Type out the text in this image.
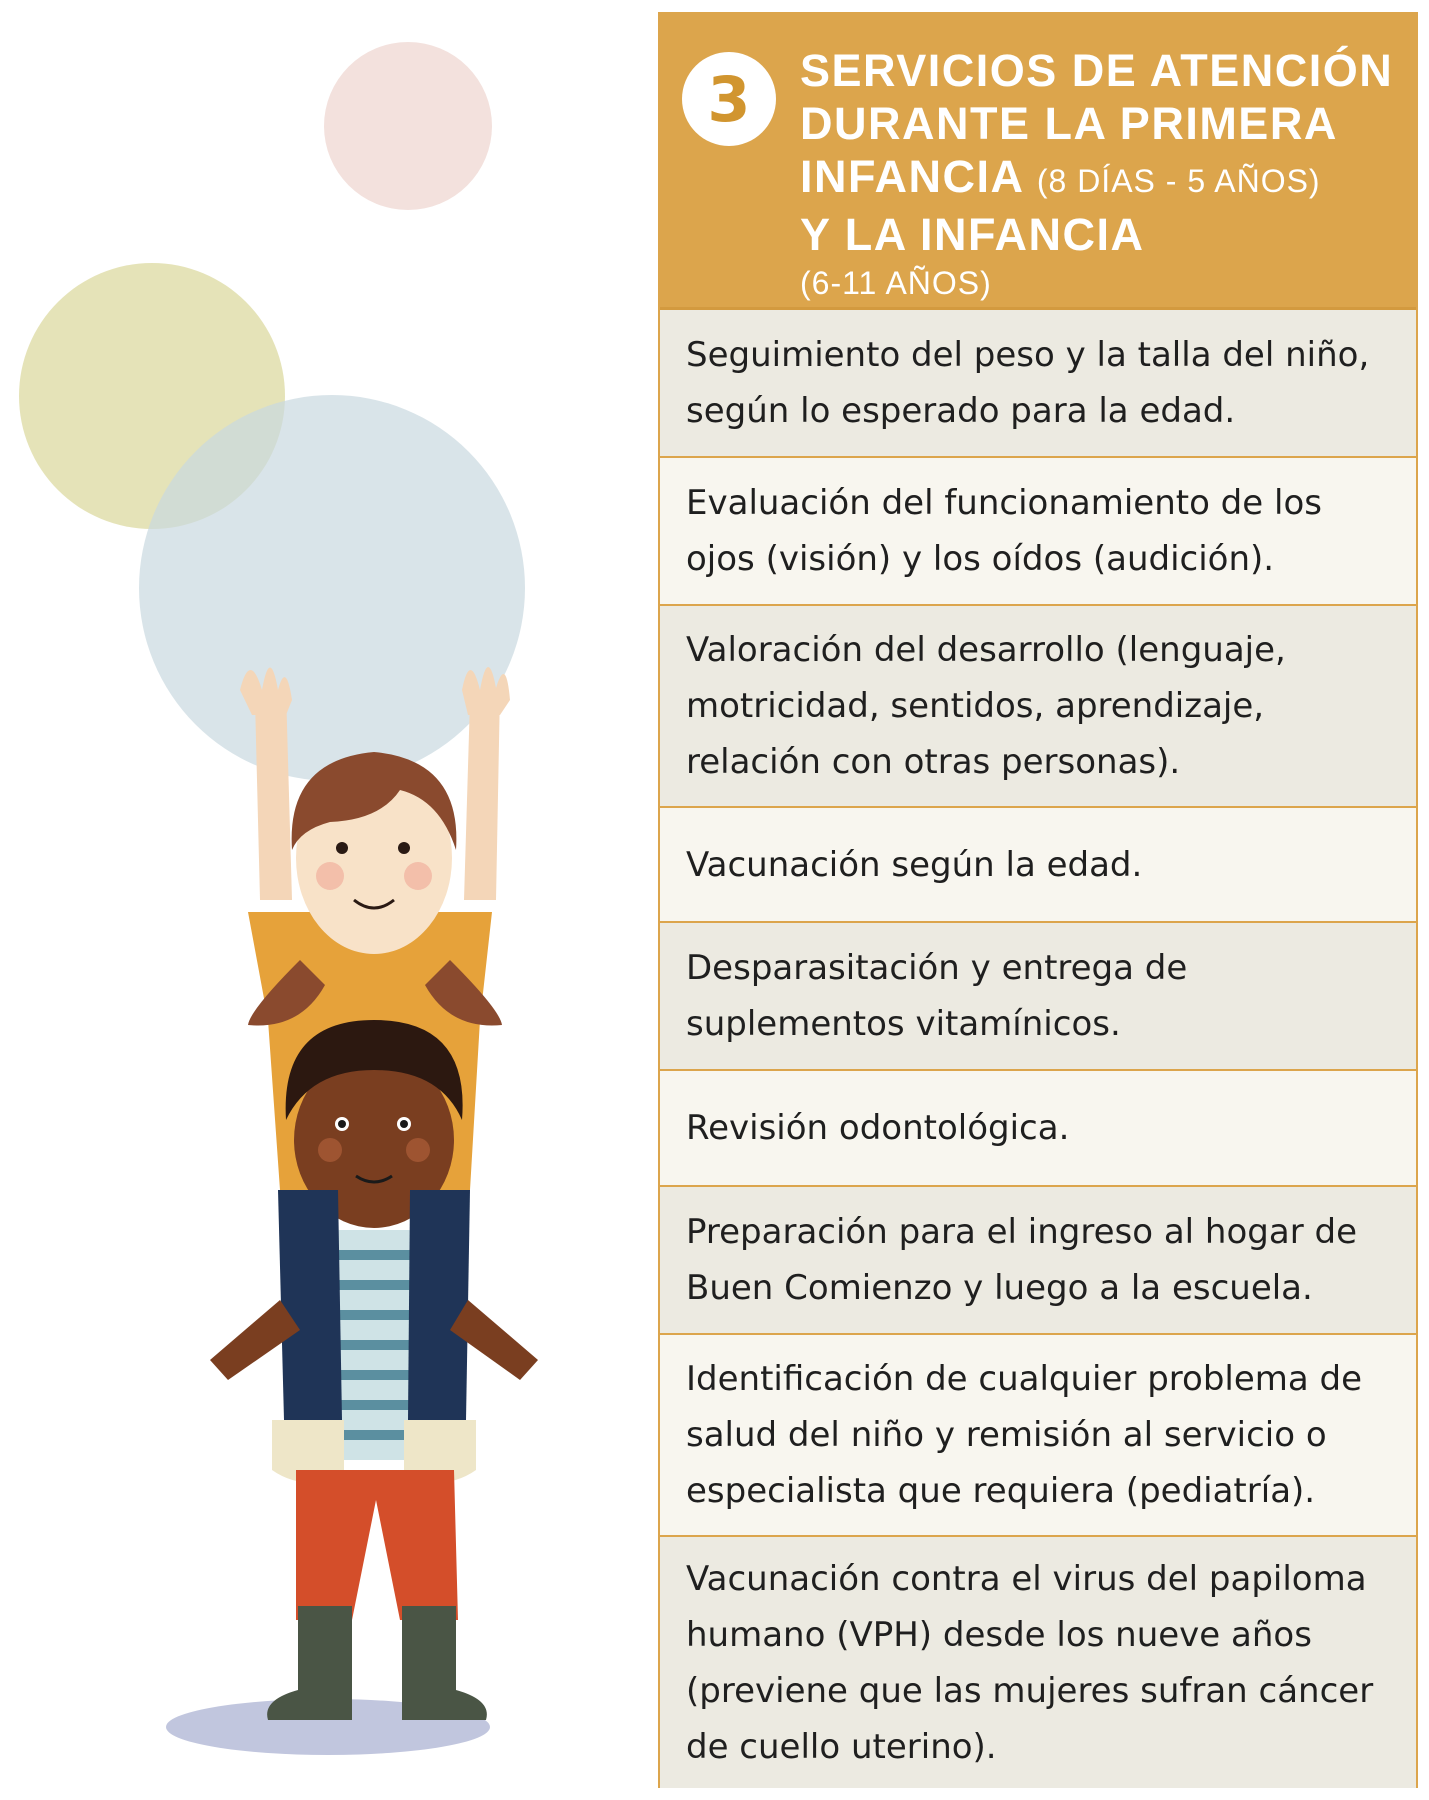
3	SERVICIOS DE ATENCIÓN
DURANTE LA PRIMERA
INFANCIA (8 DÍAS - 5 AÑOS)
Y LA INFANCIA
(6-11 AÑOS)
Seguimiento del peso y la talla del niño, según lo esperado para la edad.
Evaluación del funcionamiento de los ojos (visión) y los oídos (audición).
Valoración del desarrollo (lenguaje, motricidad, sentidos, aprendizaje, relación con otras personas).
Vacunación según la edad.
Desparasitación y entrega de suplementos vitamínicos.
Revisión odontológica.
Preparación para el ingreso al hogar de Buen Comienzo y luego a la escuela.
Identificación de cualquier problema de salud del niño y remisión al servicio o especialista que requiera (pediatría).
Vacunación contra el virus del papiloma humano (VPH) desde los nueve años (previene que las mujeres sufran cáncer de cuello uterino).
